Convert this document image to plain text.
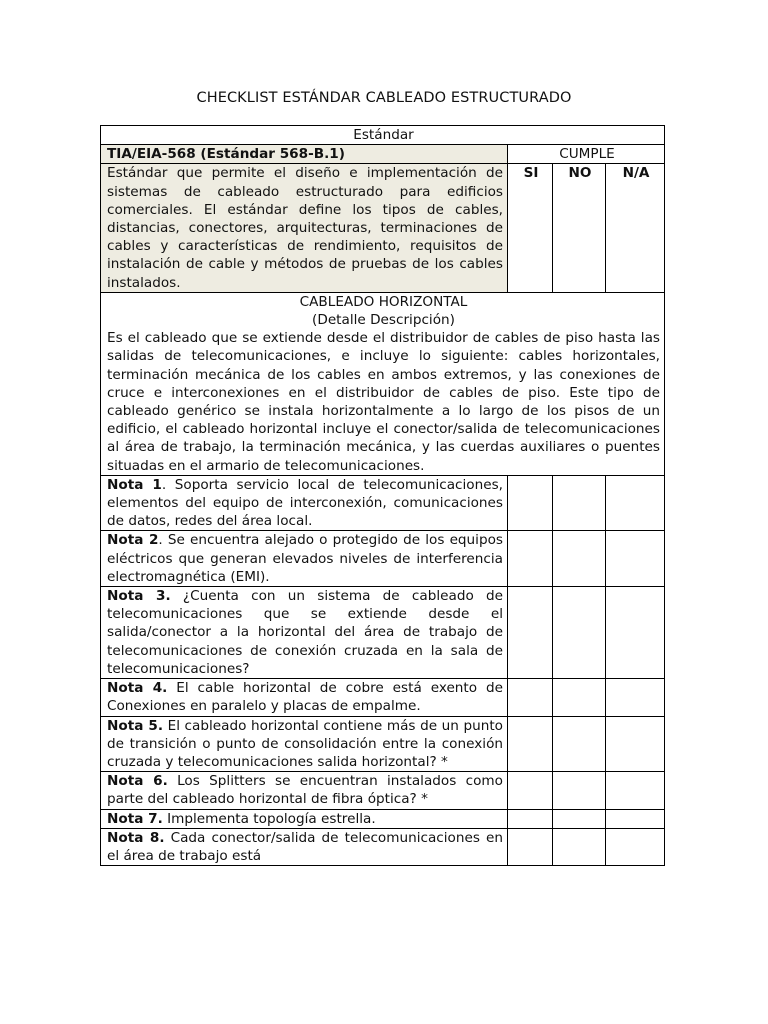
CHECKLIST ESTÁNDAR CABLEADO ESTRUCTURADO
Estándar			
TIA/EIA-568 (Estándar 568-B.1)	CUMPLE		
Estándar que permite el diseño e implementación de sistemas de cableado estructurado para edificios comerciales. El estándar define los tipos de cables, distancias, conectores, arquitecturas, terminaciones de cables y características de rendimiento, requisitos de instalación de cable y métodos de pruebas de los cables instalados.	SI	NO	N/A

CABLEADO HORIZONTAL
(Detalle Descripción)
Es el cableado que se extiende desde el distribuidor de cables de piso hasta las salidas de telecomunicaciones, e incluye lo siguiente: cables horizontales, terminación mecánica de los cables en ambos extremos, y las conexiones de cruce e interconexiones en el distribuidor de cables de piso. Este tipo de cableado genérico se instala horizontalmente a lo largo de los pisos de un edificio, el cableado horizontal incluye el conector/salida de telecomunicaciones al área de trabajo, la terminación mecánica, y las cuerdas auxiliares o puentes situadas en el armario de telecomunicaciones.			

Nota 1. Soporta servicio local de telecomunicaciones, elementos del equipo de interconexión, comunicaciones de datos, redes del área local.			
Nota 2. Se encuentra alejado o protegido de los equipos eléctricos que generan elevados niveles de interferencia electromagnética (EMI).			
Nota 3. ¿Cuenta con un sistema de cableado de telecomunicaciones que se extiende desde el salida/conector a la horizontal del área de trabajo de telecomunicaciones de conexión cruzada en la sala de telecomunicaciones?			
Nota 4. El cable horizontal de cobre está exento de Conexiones en paralelo y placas de empalme.			
Nota 5. El cableado horizontal contiene más de un punto de transición o punto de consolidación entre la conexión cruzada y telecomunicaciones salida horizontal? *			
Nota 6. Los Splitters se encuentran instalados como parte del cableado horizontal de fibra óptica? *			
Nota 7. Implementa topología estrella.			
Nota 8. Cada conector/salida de telecomunicaciones en el área de trabajo está			
